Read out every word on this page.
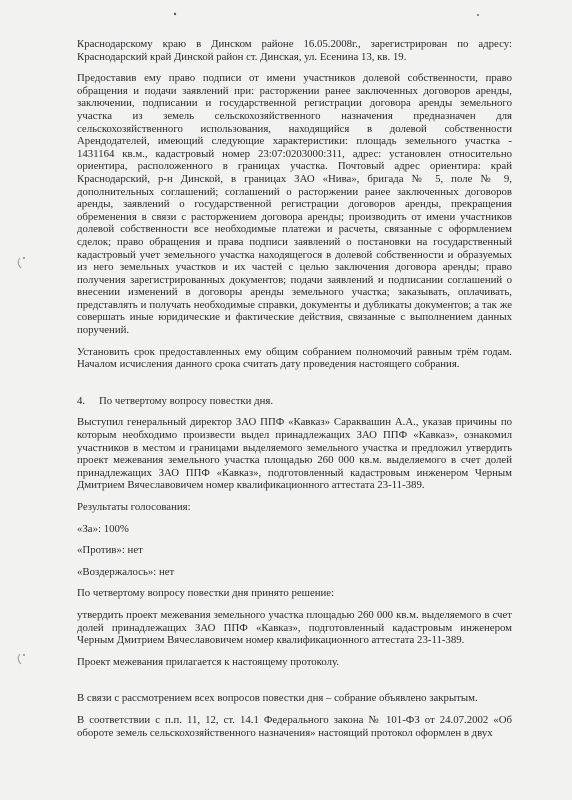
Краснодарскому краю в Динском районе 16.05.2008г., зарегистрирован по адресу: Краснодарский край Динской район ст. Динская, ул. Есенина 13, кв. 19.

Предоставив ему право подписи от имени участников долевой собственности, право обращения и подачи заявлений при: расторжении ранее заключенных договоров аренды, заключении, подписании и государственной регистрации договора аренды земельного участка из земель сельскохозяйственного назначения предназначен для сельскохозяйственного использования, находящийся в долевой собственности Арендодателей, имеющий следующие характеристики: площадь земельного участка - 1431164 кв.м., кадастровый номер 23:07:0203000:311, адрес: установлен относительно ориентира, расположенного в границах участка. Почтовый адрес ориентира: край Краснодарский, р-н Динской, в границах ЗАО «Нива», бригада № 5, поле № 9, дополнительных соглашений; соглашений о расторжении ранее заключенных договоров аренды, заявлений о государственной регистрации договоров аренды, прекращения обременения в связи с расторжением договора аренды; производить от имени участников долевой собственности все необходимые платежи и расчеты, связанные с оформлением сделок; право обращения и права подписи заявлений о постановки на государственный кадастровый учет земельного участка находящегося в долевой собственности и образуемых из него земельных участков и их частей с целью заключения договора аренды; право получения зарегистрированных документов; подачи заявлений и подписании соглашений о внесении изменений в договоры аренды земельного участка; заказывать, оплачивать, представлять и получать необходимые справки, документы и дубликаты документов; а так же совершать иные юридические и фактические действия, связанные с выполнением данных поручений.

Установить срок предоставленных ему общим собранием полномочий равным трём годам. Началом исчисления данного срока считать дату проведения настоящего собрания.

4. По четвертому вопросу повестки дня.

Выступил генеральный директор ЗАО ППФ «Кавказ» Сараквашин А.А., указав причины по которым необходимо произвести выдел принадлежащих ЗАО ППФ «Кавказ», ознакомил участников в местом и границами выделяемого земельного участка и предложил утвердить проект межевания земельного участка площадью 260 000 кв.м. выделяемого в счет долей принадлежащих ЗАО ППФ «Кавказ», подготовленный кадастровым инженером Черным Дмитрием Вячеславовичем номер квалификационного аттестата 23-11-389.

Результаты голосования:

«За»: 100%

«Против»: нет

«Воздержалось»: нет

По четвертому вопросу повестки дня принято решение:

утвердить проект межевания земельного участка площадью 260 000 кв.м. выделяемого в счет долей принадлежащих ЗАО ППФ «Кавказ», подготовленный кадастровым инженером Черным Дмитрием Вячеславовичем номер квалификационного аттестата 23-11-389.

Проект межевания прилагается к настоящему протоколу.

В связи с рассмотрением всех вопросов повестки дня – собрание объявлено закрытым.

В соответствии с п.п. 11, 12, ст. 14.1 Федерального закона № 101-ФЗ от 24.07.2002 «Об обороте земель сельскохозяйственного назначения» настоящий протокол оформлен в двух
